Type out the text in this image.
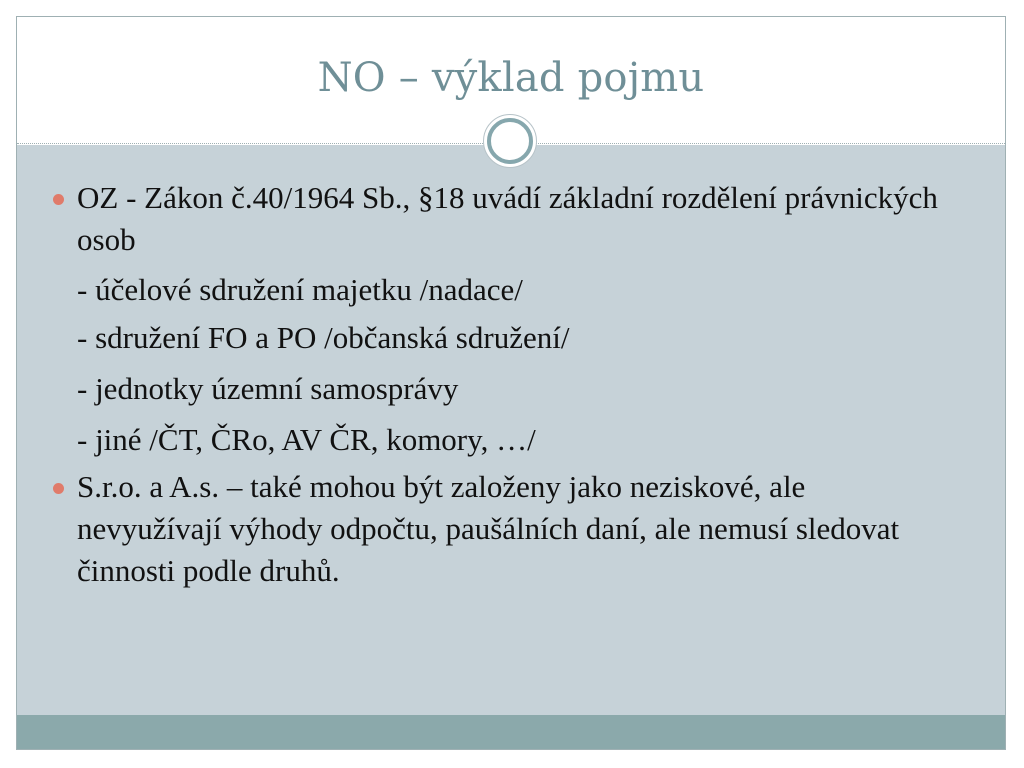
NO – výklad pojmu
OZ - Zákon č.40/1964 Sb., §18 uvádí základní rozdělení právnických osob
- účelové sdružení majetku /nadace/
- sdružení FO a PO /občanská sdružení/
- jednotky územní samosprávy
- jiné /ČT, ČRo, AV ČR, komory, …/
S.r.o. a A.s. – také mohou být založeny jako neziskové, ale nevyužívají výhody odpočtu, paušálních daní, ale nemusí sledovat činnosti podle druhů.
